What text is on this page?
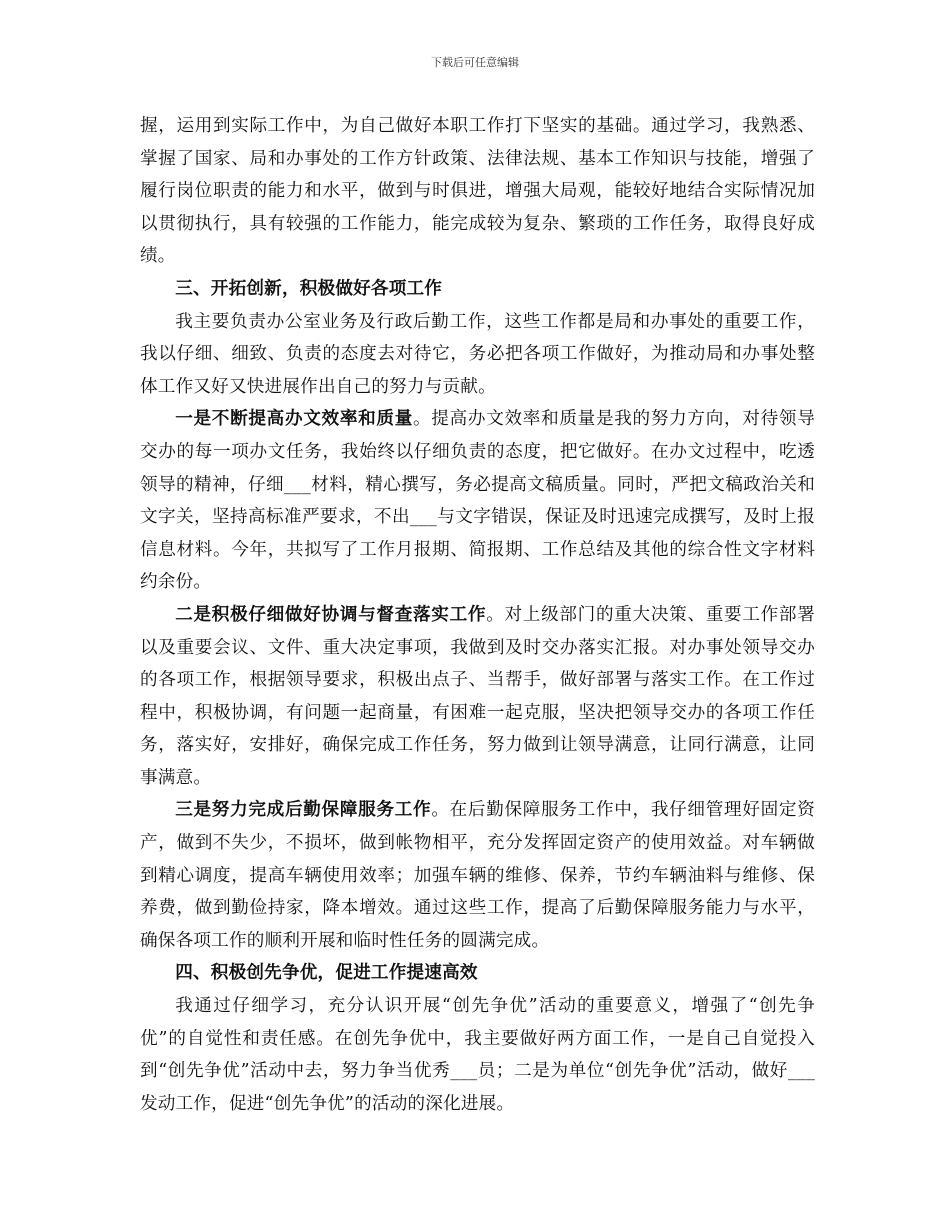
下载后可任意编辑

握，运用到实际工作中，为自己做好本职工作打下坚实的基础。通过学习，我熟悉、掌握了国家、局和办事处的工作方针政策、法律法规、基本工作知识与技能，增强了履行岗位职责的能力和水平，做到与时俱进，增强大局观，能较好地结合实际情况加以贯彻执行，具有较强的工作能力，能完成较为复杂、繁琐的工作任务，取得良好成绩。

三、开拓创新，积极做好各项工作

我主要负责办公室业务及行政后勤工作，这些工作都是局和办事处的重要工作，我以仔细、细致、负责的态度去对待它，务必把各项工作做好，为推动局和办事处整体工作又好又快进展作出自己的努力与贡献。

一是不断提高办文效率和质量。提高办文效率和质量是我的努力方向，对待领导交办的每一项办文任务，我始终以仔细负责的态度，把它做好。在办文过程中，吃透领导的精神，仔细___材料，精心撰写，务必提高文稿质量。同时，严把文稿政治关和文字关，坚持高标准严要求，不出___与文字错误，保证及时迅速完成撰写，及时上报信息材料。今年，共拟写了工作月报期、简报期、工作总结及其他的综合性文字材料约余份。

二是积极仔细做好协调与督查落实工作。对上级部门的重大决策、重要工作部署以及重要会议、文件、重大决定事项，我做到及时交办落实汇报。对办事处领导交办的各项工作，根据领导要求，积极出点子、当帮手，做好部署与落实工作。在工作过程中，积极协调，有问题一起商量，有困难一起克服，坚决把领导交办的各项工作任务，落实好，安排好，确保完成工作任务，努力做到让领导满意，让同行满意，让同事满意。

三是努力完成后勤保障服务工作。在后勤保障服务工作中，我仔细管理好固定资产，做到不失少，不损坏，做到帐物相平，充分发挥固定资产的使用效益。对车辆做到精心调度，提高车辆使用效率；加强车辆的维修、保养，节约车辆油料与维修、保养费，做到勤俭持家，降本增效。通过这些工作，提高了后勤保障服务能力与水平，确保各项工作的顺利开展和临时性任务的圆满完成。

四、积极创先争优，促进工作提速高效

我通过仔细学习，充分认识开展“创先争优”活动的重要意义，增强了“创先争优”的自觉性和责任感。在创先争优中，我主要做好两方面工作，一是自己自觉投入到“创先争优”活动中去，努力争当优秀___员；二是为单位“创先争优”活动，做好___发动工作，促进“创先争优”的活动的深化进展。
